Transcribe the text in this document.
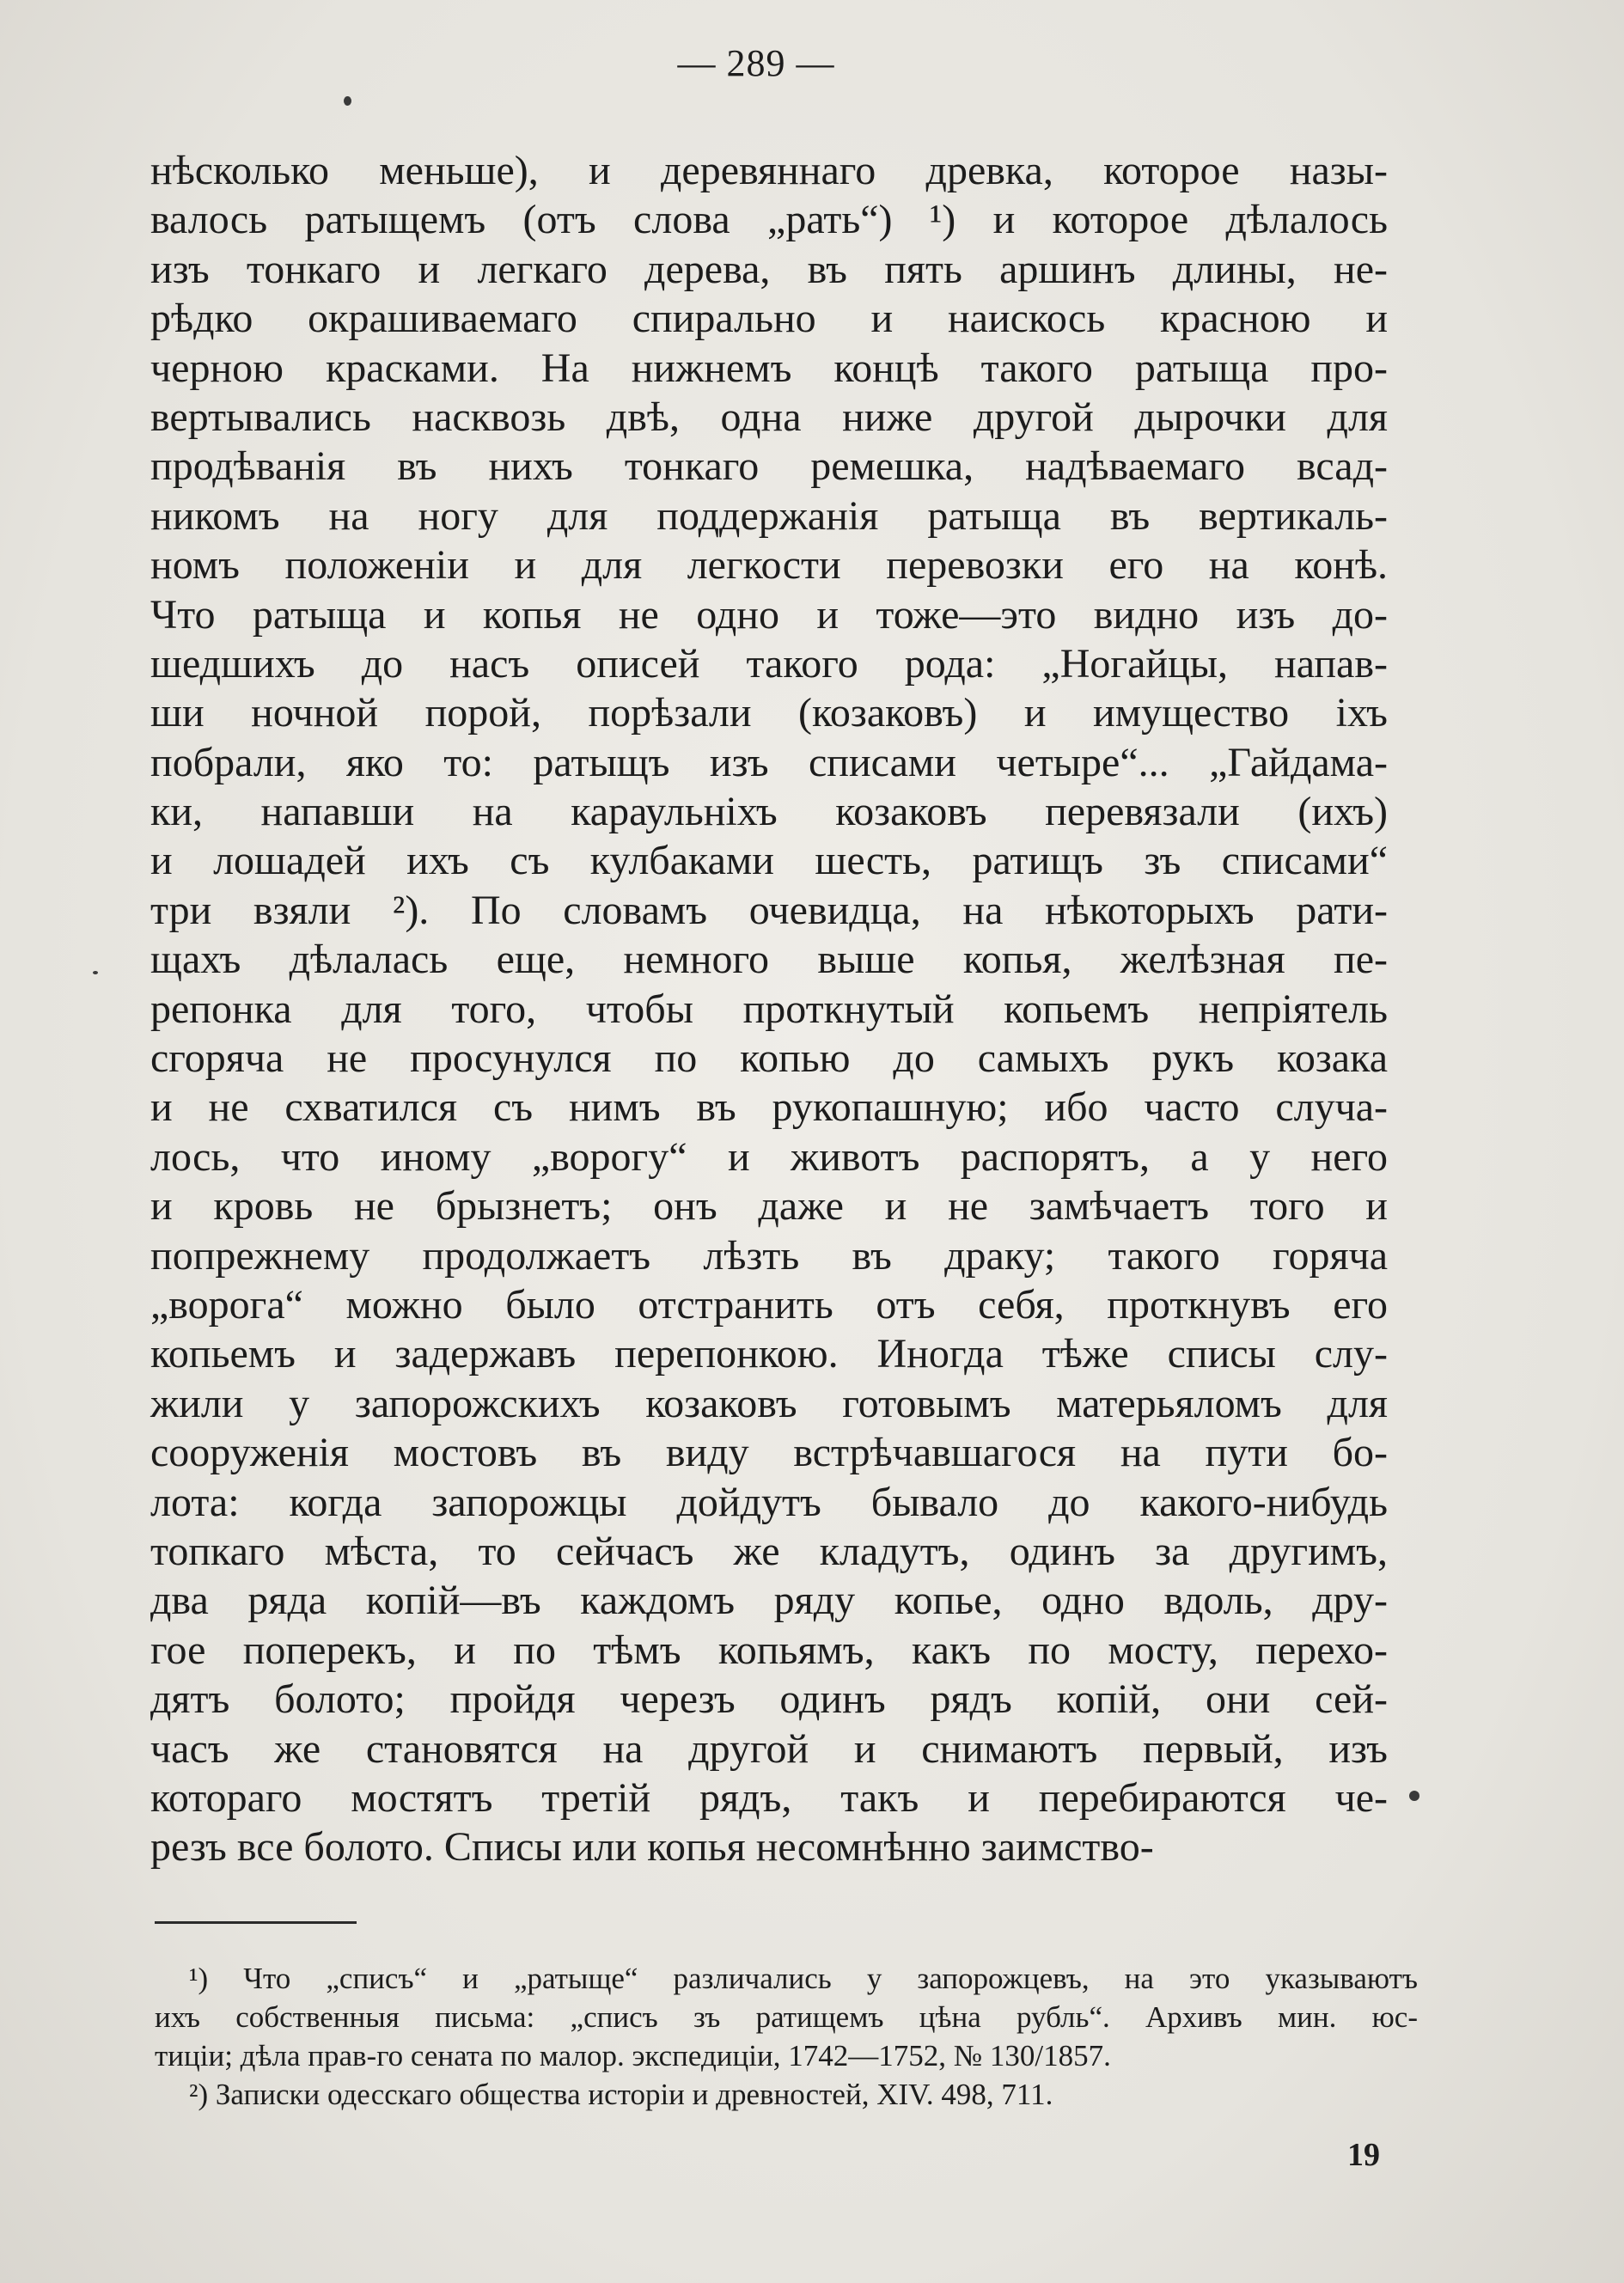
— 289 —
нѣсколько меньше), и деревяннаго древка, которое назы-
валось ратыщемъ (отъ слова „рать“) ¹) и которое дѣлалось
изъ тонкаго и легкаго дерева, въ пять аршинъ длины, не-
рѣдко окрашиваемаго спирально и наискось красною и
черною красками. На нижнемъ концѣ такого ратыща про-
вертывались насквозь двѣ, одна ниже другой дырочки для
продѣванія въ нихъ тонкаго ремешка, надѣваемаго всад-
никомъ на ногу для поддержанія ратыща въ вертикаль-
номъ положеніи и для легкости перевозки его на конѣ.
Что ратыща и копья не одно и тоже—это видно изъ до-
шедшихъ до насъ описей такого рода: „Ногайцы, напав-
ши ночной порой, порѣзали (козаковъ) и имущество іхъ
побрали, яко то: ратыщъ изъ списами четыре“... „Гайдама-
ки, напавши на караульніхъ козаковъ перевязали (ихъ)
и лошадей ихъ съ кулбаками шесть, ратищъ зъ списами“
три взяли ²). По словамъ очевидца, на нѣкоторыхъ рати-
щахъ дѣлалась еще, немного выше копья, желѣзная пе-
репонка для того, чтобы проткнутый копьемъ непріятель
сгоряча не просунулся по копью до самыхъ рукъ козака
и не схватился съ нимъ въ рукопашную; ибо часто случа-
лось, что иному „ворогу“ и животъ распорятъ, а у него
и кровь не брызнетъ; онъ даже и не замѣчаетъ того и
попрежнему продолжаетъ лѣзть въ драку; такого горяча
„ворога“ можно было отстранить отъ себя, проткнувъ его
копьемъ и задержавъ перепонкою. Иногда тѣже списы слу-
жили у запорожскихъ козаковъ готовымъ матерьяломъ для
сооруженія мостовъ въ виду встрѣчавшагося на пути бо-
лота: когда запорожцы дойдутъ бывало до какого-нибудь
топкаго мѣста, то сейчасъ же кладутъ, одинъ за другимъ,
два ряда копій—въ каждомъ ряду копье, одно вдоль, дру-
гое поперекъ, и по тѣмъ копьямъ, какъ по мосту, перехо-
дятъ болото; пройдя черезъ одинъ рядъ копій, они сей-
часъ же становятся на другой и снимаютъ первый, изъ
котораго мостятъ третій рядъ, такъ и перебираются че-
резъ все болото. Списы или копья несомнѣнно заимство-
¹) Что „списъ“ и „ратыще“ различались у запорожцевъ, на это указываютъ
ихъ собственныя письма: „списъ зъ ратищемъ цѣна рубль“. Архивъ мин. юс-
тиціи; дѣла прав-го сената по малор. экспедиціи, 1742—1752, № 130/1857.
²) Записки одесскаго общества исторіи и древностей, XIV. 498, 711.
19
